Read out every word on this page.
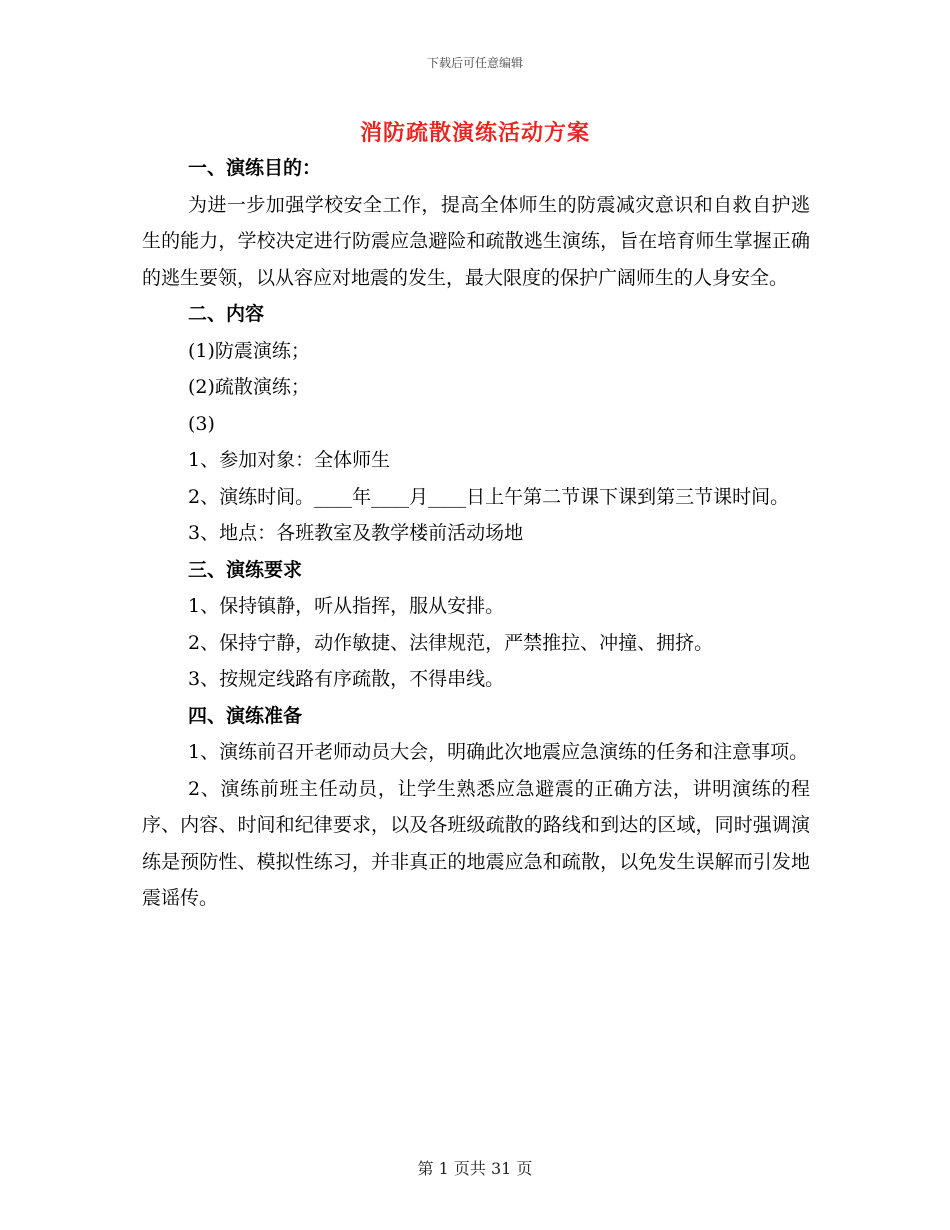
下载后可任意编辑
消防疏散演练活动方案

一、演练目的：

为进一步加强学校安全工作，提高全体师生的防震减灾意识和自救自护逃生的能力，学校决定进行防震应急避险和疏散逃生演练，旨在培育师生掌握正确的逃生要领，以从容应对地震的发生，最大限度的保护广阔师生的人身安全。

二、内容

(1)防震演练；

(2)疏散演练；

(3)

1、参加对象：全体师生

2、演练时间。____年____月____日上午第二节课下课到第三节课时间。

3、地点：各班教室及教学楼前活动场地

三、演练要求

1、保持镇静，听从指挥，服从安排。

2、保持宁静，动作敏捷、法律规范，严禁推拉、冲撞、拥挤。

3、按规定线路有序疏散，不得串线。

四、演练准备

1、演练前召开老师动员大会，明确此次地震应急演练的任务和注意事项。

2、演练前班主任动员，让学生熟悉应急避震的正确方法，讲明演练的程序、内容、时间和纪律要求，以及各班级疏散的路线和到达的区域，同时强调演练是预防性、模拟性练习，并非真正的地震应急和疏散，以免发生误解而引发地震谣传。

第 1 页共 31 页
